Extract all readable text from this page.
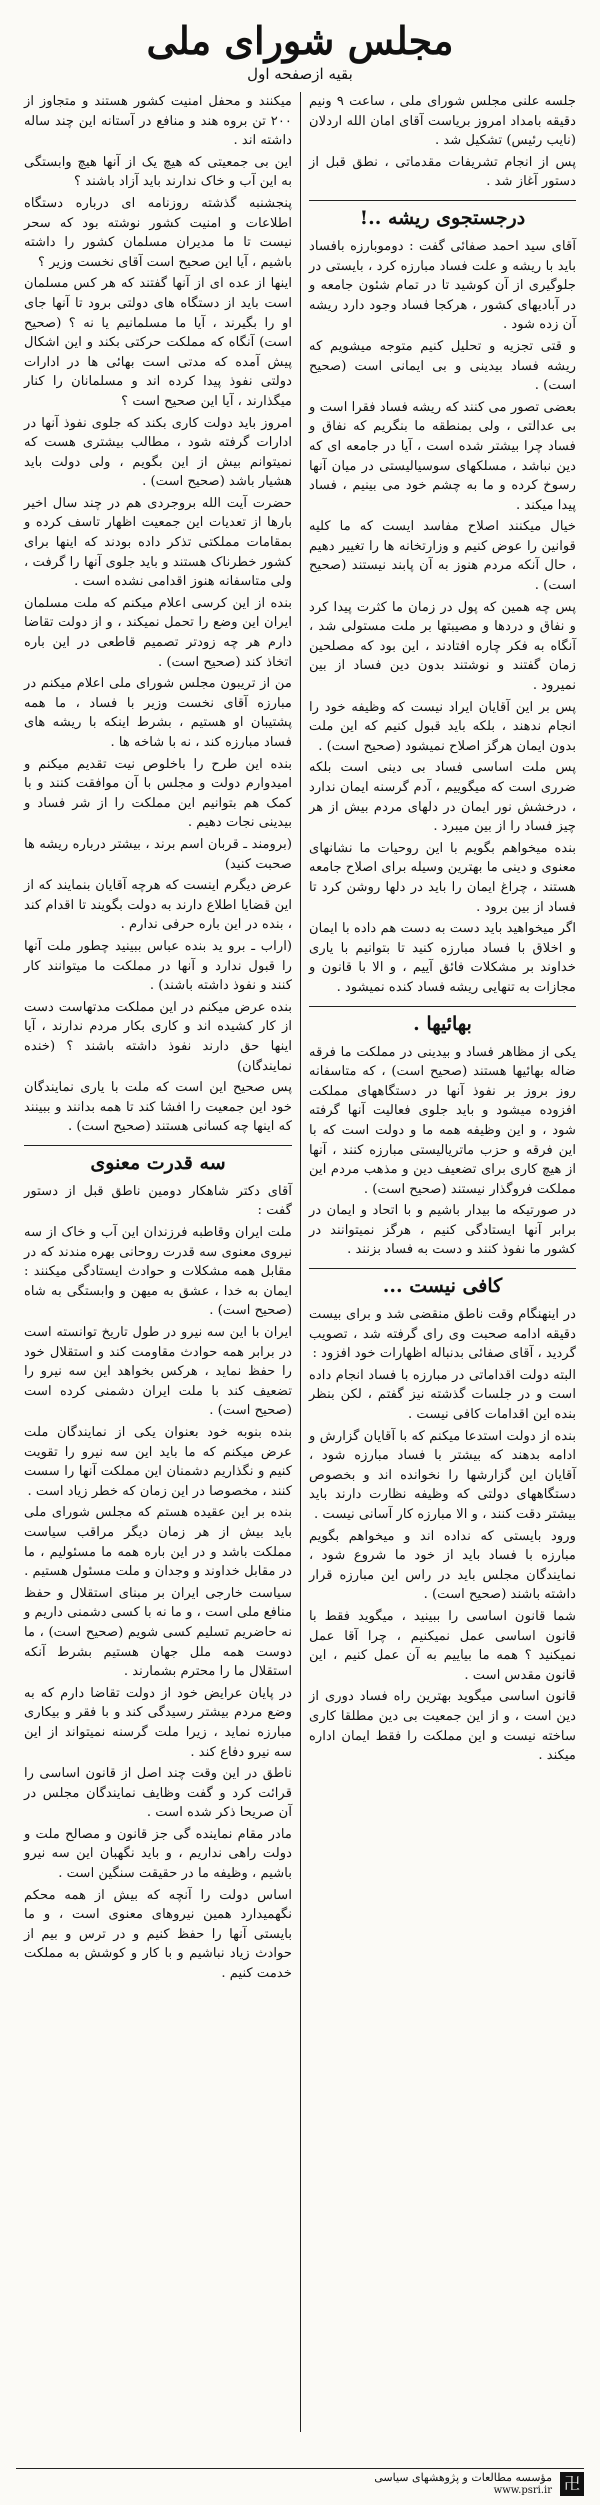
مجلس شورای ملی
بقیه ازصفحه اول

جلسه علنی مجلس شورای ملی ، ساعت ۹ ونیم دقیقه بامداد امروز بریاست آقای امان الله اردلان (نایب رئیس) تشکیل شد .

پس از انجام تشریفات مقدماتی ، نطق قبل از دستور آغاز شد .

درجستجوی ریشه ..!

آقای سید احمد صفائی گفت : دوموبارزه بافساد باید با ریشه و علت فساد مبارزه کرد ، بایستی در جلوگیری از آن کوشید تا در تمام شئون جامعه و در آبادیهای کشور ، هرکجا فساد وجود دارد ریشه آن زده شود .

و قتی تجزیه و تحلیل کنیم متوجه میشویم که ریشه فساد بیدینی و بی ایمانی است (صحیح است) .

بعضی تصور می کنند که ریشه فساد فقرا است و بی عدالتی ، ولی بمنطقه ما بنگریم که نفاق و فساد چرا بیشتر شده است ، آیا در جامعه ای که دین نباشد ، مسلکهای سوسیالیستی در میان آنها رسوخ کرده و ما به چشم خود می بینیم ، فساد پیدا میکند .

خیال میکنند اصلاح مفاسد ایست که ما کلیه قوانین را عوض کنیم و وزارتخانه ها را تغییر دهیم ، حال آنکه مردم هنوز به آن پابند نیستند (صحیح است) .

پس چه همین که پول در زمان ما کثرت پیدا کرد و نفاق و دردها و مصیبتها بر ملت مستولی شد ، آنگاه به فکر چاره افتادند ، این بود که مصلحین زمان گفتند و نوشتند بدون دین فساد از بین نمیرود .

پس بر این آقایان ایراد نیست که وظیفه خود را انجام ندهند ، بلکه باید قبول کنیم که این ملت بدون ایمان هرگز اصلاح نمیشود (صحیح است) .

پس ملت اساسی فساد بی دینی است بلکه ضرری است که میگوییم ، آدم گرسنه ایمان ندارد ، درخشش نور ایمان در دلهای مردم بیش از هر چیز فساد را از بین میبرد .

بنده میخواهم بگویم با این روحیات ما نشانهای معنوی و دینی ما بهترین وسیله برای اصلاح جامعه هستند ، چراغ ایمان را باید در دلها روشن کرد تا فساد از بین برود .

اگر میخواهید باید دست به دست هم داده با ایمان و اخلاق با فساد مبارزه کنید تا بتوانیم با یاری خداوند بر مشکلات فائق آییم ، و الا با قانون و مجازات به تنهایی ریشه فساد کنده نمیشود .

بهائیها .

یکی از مظاهر فساد و بیدینی در مملکت ما فرقه ضاله بهائیها هستند (صحیح است) ، که متاسفانه روز بروز بر نفوذ آنها در دستگاههای مملکت افزوده میشود و باید جلوی فعالیت آنها گرفته شود ، و این وظیفه همه ما و دولت است که با این فرقه و حزب ماتریالیستی مبارزه کنند ، آنها از هیچ کاری برای تضعیف دین و مذهب مردم این مملکت فروگذار نیستند (صحیح است) .

در صورتیکه ما بیدار باشیم و با اتحاد و ایمان در برابر آنها ایستادگی کنیم ، هرگز نمیتوانند در کشور ما نفوذ کنند و دست به فساد بزنند .

کافی نیست ...

در اینهنگام وقت ناطق منقضی شد و برای بیست دقیقه ادامه صحبت وی رای گرفته شد ، تصویب گردید ، آقای صفائی بدنباله اظهارات خود افزود :

البته دولت اقداماتی در مبارزه با فساد انجام داده است و در جلسات گذشته نیز گفتم ، لکن بنظر بنده این اقدامات کافی نیست .

بنده از دولت استدعا میکنم که با آقایان گزارش و ادامه بدهند که بیشتر با فساد مبارزه شود ، آقایان این گزارشها را نخوانده اند و بخصوص دستگاههای دولتی که وظیفه نظارت دارند باید بیشتر دقت کنند ، و الا مبارزه کار آسانی نیست .

ورود بایستی که نداده اند و میخواهم بگویم مبارزه با فساد باید از خود ما شروع شود ، نمایندگان مجلس باید در راس این مبارزه قرار داشته باشند (صحیح است) .

شما قانون اساسی را ببینید ، میگوید فقط با قانون اساسی عمل نمیکنیم ، چرا آقا عمل نمیکنید ؟ همه ما بیاییم به آن عمل کنیم ، این قانون مقدس است .

قانون اساسی میگوید بهترین راه فساد دوری از دین است ، و از این جمعیت بی دین مطلقا کاری ساخته نیست و این مملکت را فقط ایمان اداره میکند .

میکنند و محفل امنیت کشور هستند و متجاوز از ۲۰۰ تن بروه هند و منافع در آستانه این چند ساله داشته اند .

این بی جمعیتی که هیچ یک از آنها هیچ وابستگی به این آب و خاک ندارند باید آزاد باشند ؟

پنجشنبه گذشته روزنامه ای درباره دستگاه اطلاعات و امنیت کشور نوشته بود که سحر نیست تا ما مدیران مسلمان کشور را داشته باشیم ، آیا این صحیح است آقای نخست وزیر ؟

اینها از عده ای از آنها گفتند که هر کس مسلمان است باید از دستگاه های دولتی برود تا آنها جای او را بگیرند ، آیا ما مسلمانیم یا نه ؟ (صحیح است) آنگاه که مملکت حرکتی بکند و این اشکال پیش آمده که مدتی است بهائی ها در ادارات دولتی نفوذ پیدا کرده اند و مسلمانان را کنار میگذارند ، آیا این صحیح است ؟

امروز باید دولت کاری بکند که جلوی نفوذ آنها در ادارات گرفته شود ، مطالب بیشتری هست که نمیتوانم بیش از این بگویم ، ولی دولت باید هشیار باشد (صحیح است) .

حضرت آیت الله بروجردی هم در چند سال اخیر بارها از تعدیات این جمعیت اظهار تاسف کرده و بمقامات مملکتی تذکر داده بودند که اینها برای کشور خطرناک هستند و باید جلوی آنها را گرفت ، ولی متاسفانه هنوز اقدامی نشده است .

بنده از این کرسی اعلام میکنم که ملت مسلمان ایران این وضع را تحمل نمیکند ، و از دولت تقاضا دارم هر چه زودتر تصمیم قاطعی در این باره اتخاذ کند (صحیح است) .

من از تریبون مجلس شورای ملی اعلام میکنم در مبارزه آقای نخست وزیر با فساد ، ما همه پشتیبان او هستیم ، بشرط اینکه با ریشه های فساد مبارزه کند ، نه با شاخه ها .

بنده این طرح را باخلوص نیت تقدیم میکنم و امیدوارم دولت و مجلس با آن موافقت کنند و با کمک هم بتوانیم این مملکت را از شر فساد و بیدینی نجات دهیم .

(برومند ـ قربان اسم برند ، بیشتر درباره ریشه ها صحبت کنید)

عرض دیگرم اینست که هرچه آقایان بنمایند که از این قضایا اطلاع دارند به دولت بگویند تا اقدام کند ، بنده در این باره حرفی ندارم .

(اراب ـ برو ید بنده عباس ببینید چطور ملت آنها را قبول ندارد و آنها در مملکت ما میتوانند کار کنند و نفوذ داشته باشند) .

بنده عرض میکنم در این مملکت مدتهاست دست از کار کشیده اند و کاری بکار مردم ندارند ، آیا اینها حق دارند نفوذ داشته باشند ؟ (خنده نمایندگان)

پس صحیح این است که ملت با یاری نمایندگان خود این جمعیت را افشا کند تا همه بدانند و ببینند که اینها چه کسانی هستند (صحیح است) .

سه قدرت معنوی

آقای دکتر شاهکار دومین ناطق قبل از دستور گفت :

ملت ایران وقاطبه فرزندان این آب و خاک از سه نیروی معنوی سه قدرت روحانی بهره مندند که در مقابل همه مشکلات و حوادث ایستادگی میکنند : ایمان به خدا ، عشق به میهن و وابستگی به شاه (صحیح است) .

ایران با این سه نیرو در طول تاریخ توانسته است در برابر همه حوادث مقاومت کند و استقلال خود را حفظ نماید ، هرکس بخواهد این سه نیرو را تضعیف کند با ملت ایران دشمنی کرده است (صحیح است) .

بنده بنوبه خود بعنوان یکی از نمایندگان ملت عرض میکنم که ما باید این سه نیرو را تقویت کنیم و نگذاریم دشمنان این مملکت آنها را سست کنند ، مخصوصا در این زمان که خطر زیاد است .

بنده بر این عقیده هستم که مجلس شورای ملی باید بیش از هر زمان دیگر مراقب سیاست مملکت باشد و در این باره همه ما مسئولیم ، ما در مقابل خداوند و وجدان و ملت مسئول هستیم .

سیاست خارجی ایران بر مبنای استقلال و حفظ منافع ملی است ، و ما نه با کسی دشمنی داریم و نه حاضریم تسلیم کسی شویم (صحیح است) ، ما دوست همه ملل جهان هستیم بشرط آنکه استقلال ما را محترم بشمارند .

در پایان عرایض خود از دولت تقاضا دارم که به وضع مردم بیشتر رسیدگی کند و با فقر و بیکاری مبارزه نماید ، زیرا ملت گرسنه نمیتواند از این سه نیرو دفاع کند .

ناطق در این وقت چند اصل از قانون اساسی را قرائت کرد و گفت وظایف نمایندگان مجلس در آن صریحا ذکر شده است .

مادر مقام نماینده گی جز قانون و مصالح ملت و دولت راهی نداریم ، و باید نگهبان این سه نیرو باشیم ، وظیفه ما در حقیقت سنگین است .

اساس دولت را آنچه که بیش از همه محکم نگهمیدارد همین نیروهای معنوی است ، و ما بایستی آنها را حفظ کنیم و در ترس و بیم از حوادث زیاد نباشیم و با کار و کوشش به مملکت خدمت کنیم .

مؤسسه مطالعات و پژوهشهای سیاسی
www.psri.ir 卍
